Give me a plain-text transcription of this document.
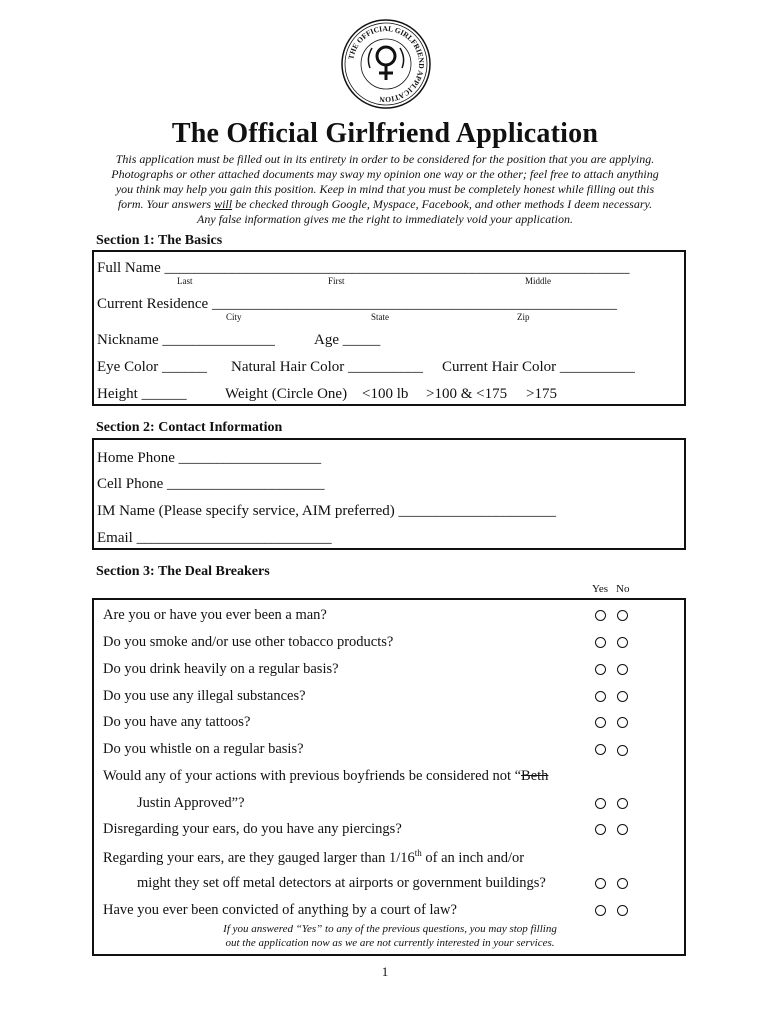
THE OFFICIAL GIRLFRIEND APPLICATION
The Official Girlfriend Application
This application must be filled out in its entirety in order to be considered for the position that you are applying.
Photographs or other attached documents may sway my opinion one way or the other; feel free to attach anything
you think may help you gain this position. Keep in mind that you must be completely honest while filling out this
form. Your answers will be checked through Google, Myspace, Facebook, and other methods I deem necessary.
Any false information gives me the right to immediately void your application.
Section 1: The Basics
Full Name ______________________________________________________________
Last	First	Middle
Current Residence ______________________________________________________
City	State	Zip
Nickname _______________	Age _____
Eye Color ______ Natural Hair Color __________ Current Hair Color __________
Height ______	Weight (Circle One) <100 lb >100 & <175 >175
Section 2: Contact Information
Home Phone ___________________
Cell Phone _____________________
IM Name (Please specify service, AIM preferred) _____________________
Email __________________________
Section 3: The Deal Breakers
Yes No
Are you or have you ever been a man?
Do you smoke and/or use other tobacco products?
Do you drink heavily on a regular basis?
Do you use any illegal substances?
Do you have any tattoos?
Do you whistle on a regular basis?
Would any of your actions with previous boyfriends be considered not “Beth
Justin Approved”?
Disregarding your ears, do you have any piercings?
Regarding your ears, are they gauged larger than 1/16th of an inch and/or
might they set off metal detectors at airports or government buildings?
Have you ever been convicted of anything by a court of law?
If you answered “Yes” to any of the previous questions, you may stop filling
out the application now as we are not currently interested in your services.
1
